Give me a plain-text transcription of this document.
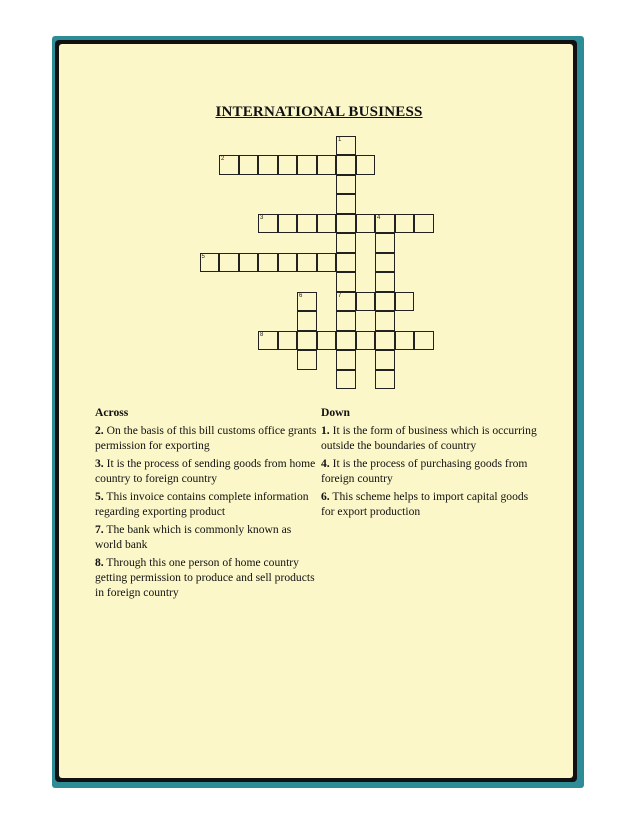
INTERNATIONAL BUSINESS
1
7
2
3	4
5
6
8
Across
2. On the basis of this bill customs office grants permission for exporting
3. It is the process of sending goods from home country to foreign country
5. This invoice contains complete information regarding exporting product
7. The bank which is commonly known as world bank
8. Through this one person of home country getting permission to produce and sell products in foreign country
Down
1. It is the form of business which is occurring outside the boundaries of country
4. It is the process of purchasing goods from foreign country
6. This scheme helps to import capital goods for export production
